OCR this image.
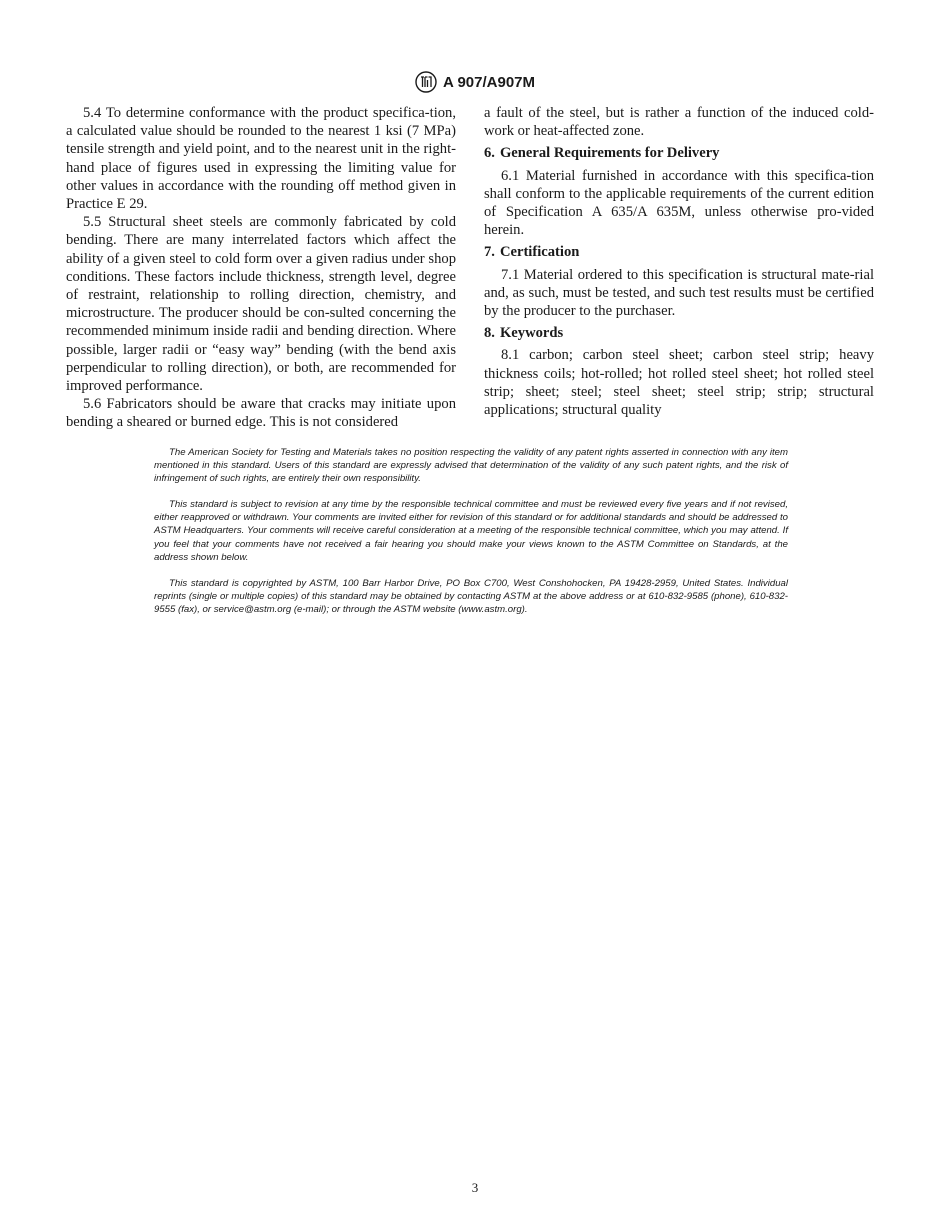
A 907/A907M

5.4 To determine conformance with the product specifica-tion, a calculated value should be rounded to the nearest 1 ksi (7 MPa) tensile strength and yield point, and to the nearest unit in the right-hand place of figures used in expressing the limiting value for other values in accordance with the rounding off method given in Practice E 29.

5.5 Structural sheet steels are commonly fabricated by cold bending. There are many interrelated factors which affect the ability of a given steel to cold form over a given radius under shop conditions. These factors include thickness, strength level, degree of restraint, relationship to rolling direction, chemistry, and microstructure. The producer should be con-sulted concerning the recommended minimum inside radii and bending direction. Where possible, larger radii or “easy way” bending (with the bend axis perpendicular to rolling direction), or both, are recommended for improved performance.

5.6 Fabricators should be aware that cracks may initiate upon bending a sheared or burned edge. This is not considered

a fault of the steel, but is rather a function of the induced cold-work or heat-affected zone.

6. General Requirements for Delivery

6.1 Material furnished in accordance with this specifica-tion shall conform to the applicable requirements of the current edition of Specification A 635/A 635M, unless otherwise pro-vided herein.

7. Certification

7.1 Material ordered to this specification is structural mate-rial and, as such, must be tested, and such test results must be certified by the producer to the purchaser.

8. Keywords

8.1 carbon; carbon steel sheet; carbon steel strip; heavy thickness coils; hot-rolled; hot rolled steel sheet; hot rolled steel strip; sheet; steel; steel sheet; steel strip; strip; structural applications; structural quality

The American Society for Testing and Materials takes no position respecting the validity of any patent rights asserted in connection with any item mentioned in this standard. Users of this standard are expressly advised that determination of the validity of any such patent rights, and the risk of infringement of such rights, are entirely their own responsibility.

This standard is subject to revision at any time by the responsible technical committee and must be reviewed every five years and if not revised, either reapproved or withdrawn. Your comments are invited either for revision of this standard or for additional standards and should be addressed to ASTM Headquarters. Your comments will receive careful consideration at a meeting of the responsible technical committee, which you may attend. If you feel that your comments have not received a fair hearing you should make your views known to the ASTM Committee on Standards, at the address shown below.

This standard is copyrighted by ASTM, 100 Barr Harbor Drive, PO Box C700, West Conshohocken, PA 19428-2959, United States. Individual reprints (single or multiple copies) of this standard may be obtained by contacting ASTM at the above address or at 610-832-9585 (phone), 610-832-9555 (fax), or service@astm.org (e-mail); or through the ASTM website (www.astm.org).

3
